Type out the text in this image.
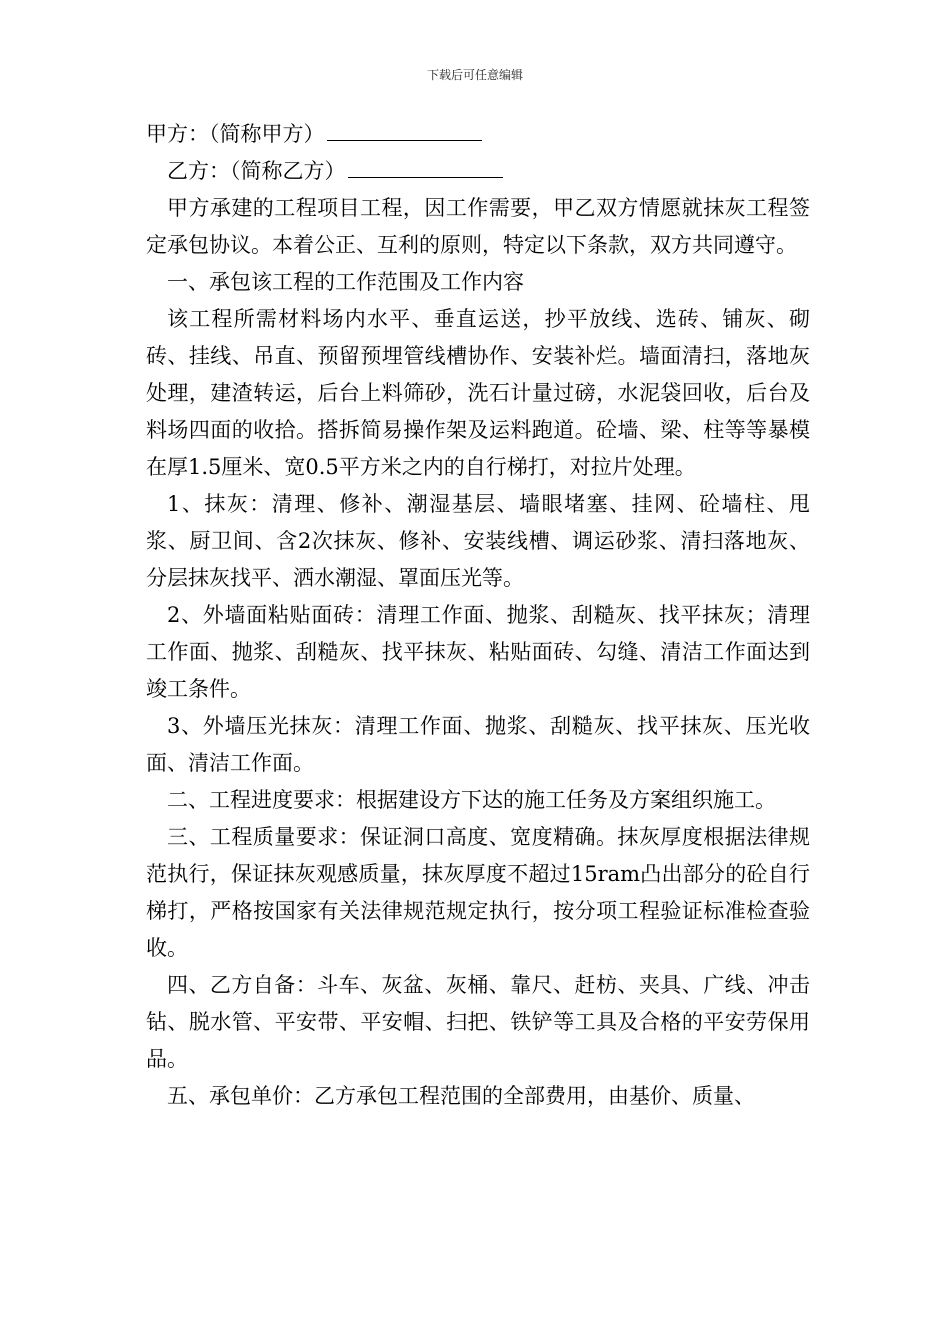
下载后可任意编辑

甲方：（简称甲方）

乙方：（简称乙方）

甲方承建的工程项目工程，因工作需要，甲乙双方情愿就抹灰工程签定承包协议。本着公正、互利的原则，特定以下条款，双方共同遵守。

一、承包该工程的工作范围及工作内容

该工程所需材料场内水平、垂直运送，抄平放线、选砖、铺灰、砌砖、挂线、吊直、预留预埋管线槽协作、安装补烂。墙面清扫，落地灰处理，建渣转运，后台上料筛砂，洗石计量过磅，水泥袋回收，后台及料场四面的收拾。搭拆简易操作架及运料跑道。砼墙、梁、柱等等暴模在厚1.5厘米、宽0.5平方米之内的自行梯打，对拉片处理。

1、抹灰：清理、修补、潮湿基层、墙眼堵塞、挂网、砼墙柱、甩浆、厨卫间、含2次抹灰、修补、安装线槽、调运砂浆、清扫落地灰、分层抹灰找平、洒水潮湿、罩面压光等。

2、外墙面粘贴面砖：清理工作面、抛浆、刮糙灰、找平抹灰；清理工作面、抛浆、刮糙灰、找平抹灰、粘贴面砖、勾缝、清洁工作面达到竣工条件。

3、外墙压光抹灰：清理工作面、抛浆、刮糙灰、找平抹灰、压光收面、清洁工作面。

二、工程进度要求：根据建设方下达的施工任务及方案组织施工。

三、工程质量要求：保证洞口高度、宽度精确。抹灰厚度根据法律规范执行，保证抹灰观感质量，抹灰厚度不超过15ram凸出部分的砼自行梯打，严格按国家有关法律规范规定执行，按分项工程验证标准检查验收。

四、乙方自备：斗车、灰盆、灰桶、靠尺、赶枋、夹具、广线、冲击钻、脱水管、平安带、平安帽、扫把、铁铲等工具及合格的平安劳保用品。

五、承包单价：乙方承包工程范围的全部费用，由基价、质量、
